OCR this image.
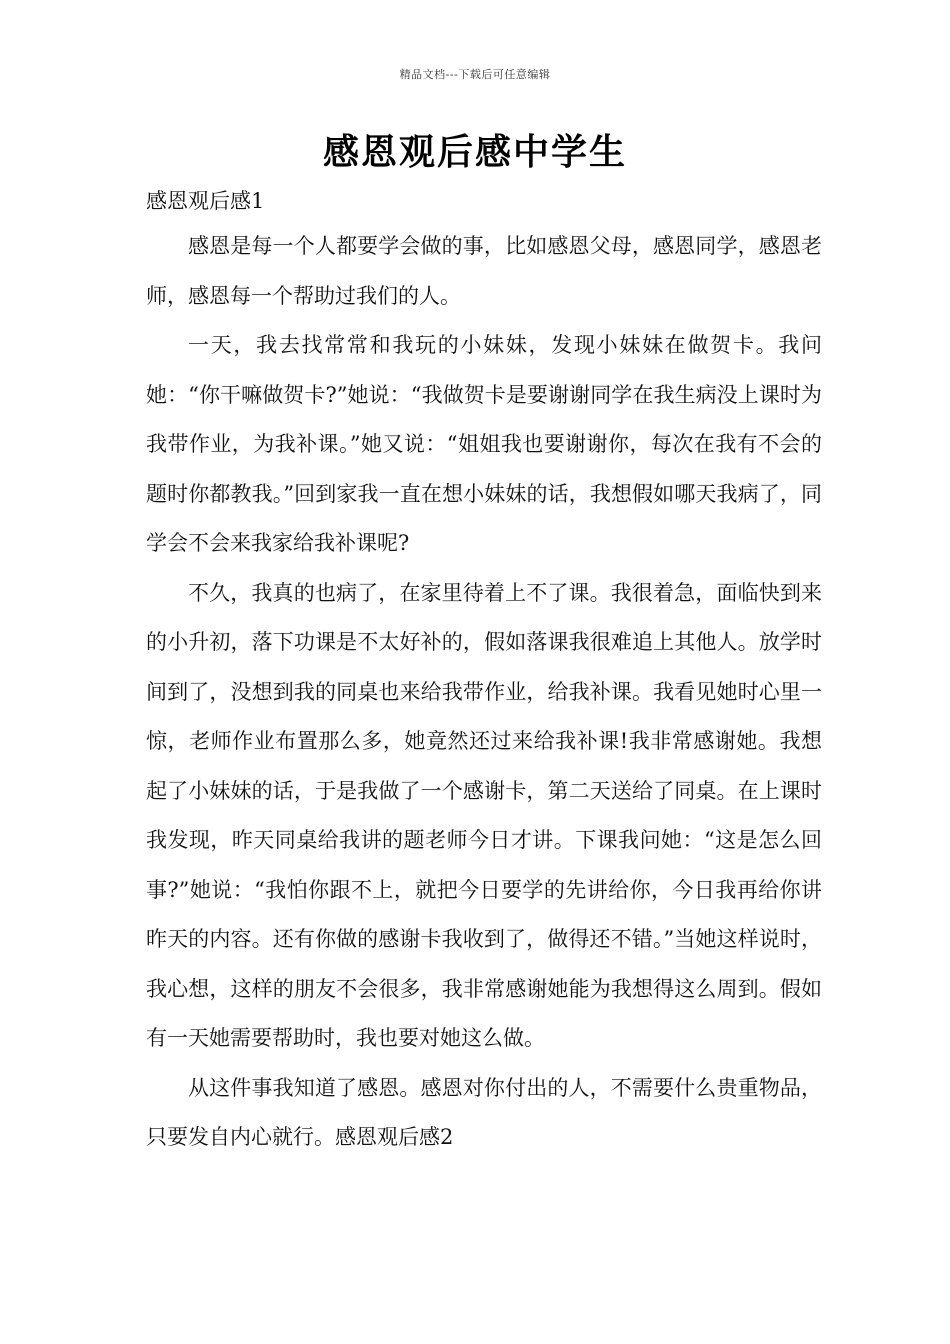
精品文档---下载后可任意编辑
感恩观后感中学生

感恩观后感1

感恩是每一个人都要学会做的事，比如感恩父母，感恩同学，感恩老师，感恩每一个帮助过我们的人。

一天，我去找常常和我玩的小妹妹，发现小妹妹在做贺卡。我问她：“你干嘛做贺卡?”她说：“我做贺卡是要谢谢同学在我生病没上课时为我带作业，为我补课。”她又说：“姐姐我也要谢谢你，每次在我有不会的题时你都教我。”回到家我一直在想小妹妹的话，我想假如哪天我病了，同学会不会来我家给我补课呢?

不久，我真的也病了，在家里待着上不了课。我很着急，面临快到来的小升初，落下功课是不太好补的，假如落课我很难追上其他人。放学时间到了，没想到我的同桌也来给我带作业，给我补课。我看见她时心里一惊，老师作业布置那么多，她竟然还过来给我补课!我非常感谢她。我想起了小妹妹的话，于是我做了一个感谢卡，第二天送给了同桌。在上课时我发现，昨天同桌给我讲的题老师今日才讲。下课我问她：“这是怎么回事?”她说：“我怕你跟不上，就把今日要学的先讲给你，今日我再给你讲昨天的内容。还有你做的感谢卡我收到了，做得还不错。”当她这样说时，我心想，这样的朋友不会很多，我非常感谢她能为我想得这么周到。假如有一天她需要帮助时，我也要对她这么做。

从这件事我知道了感恩。感恩对你付出的人，不需要什么贵重物品，只要发自内心就行。感恩观后感2
